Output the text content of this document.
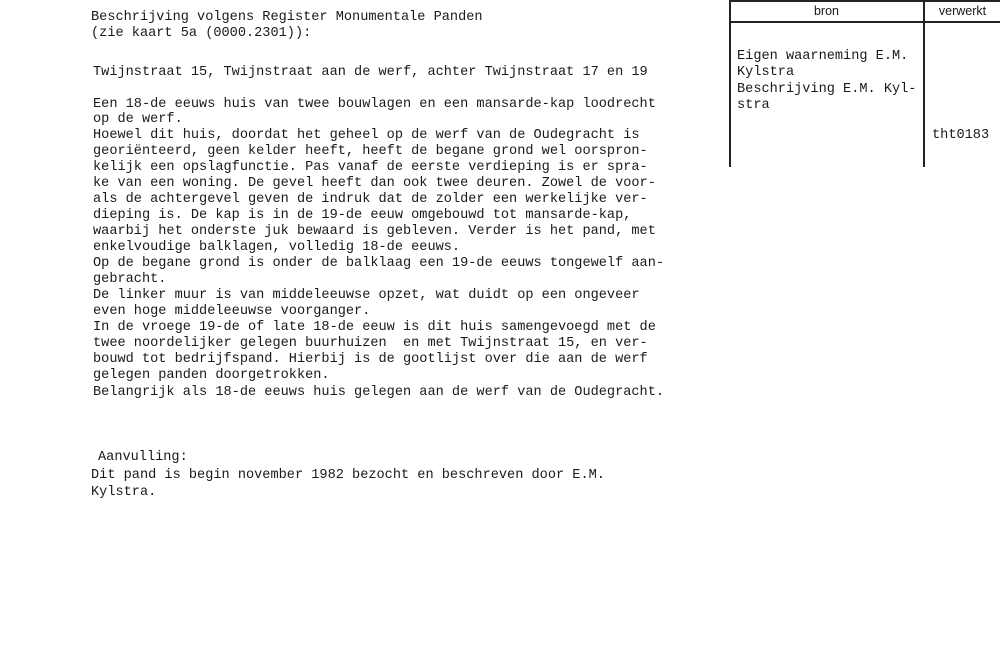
Beschrijving volgens Register Monumentale Panden
(zie kaart 5a (0000.2301)):
Twijnstraat 15, Twijnstraat aan de werf, achter Twijnstraat 17 en 19
Een 18-de eeuws huis van twee bouwlagen en een mansarde-kap loodrecht
op de werf.
Hoewel dit huis, doordat het geheel op de werf van de Oudegracht is
georiënteerd, geen kelder heeft, heeft de begane grond wel oorspron-
kelijk een opslagfunctie. Pas vanaf de eerste verdieping is er spra-
ke van een woning. De gevel heeft dan ook twee deuren. Zowel de voor-
als de achtergevel geven de indruk dat de zolder een werkelijke ver-
dieping is. De kap is in de 19-de eeuw omgebouwd tot mansarde-kap,
waarbij het onderste juk bewaard is gebleven. Verder is het pand, met
enkelvoudige balklagen, volledig 18-de eeuws.
Op de begane grond is onder de balklaag een 19-de eeuws tongewelf aan-
gebracht.
De linker muur is van middeleeuwse opzet, wat duidt op een ongeveer
even hoge middeleeuwse voorganger.
In de vroege 19-de of late 18-de eeuw is dit huis samengevoegd met de
twee noordelijker gelegen buurhuizen  en met Twijnstraat 15, en ver-
bouwd tot bedrijfspand. Hierbij is de gootlijst over die aan de werf
gelegen panden doorgetrokken.
Belangrijk als 18-de eeuws huis gelegen aan de werf van de Oudegracht.
Aanvulling:
Dit pand is begin november 1982 bezocht en beschreven door E.M.
Kylstra.
bron	verwerkt
Eigen waarneming E.M.
Kylstra
Beschrijving E.M. Kyl-
stra
tht0183
